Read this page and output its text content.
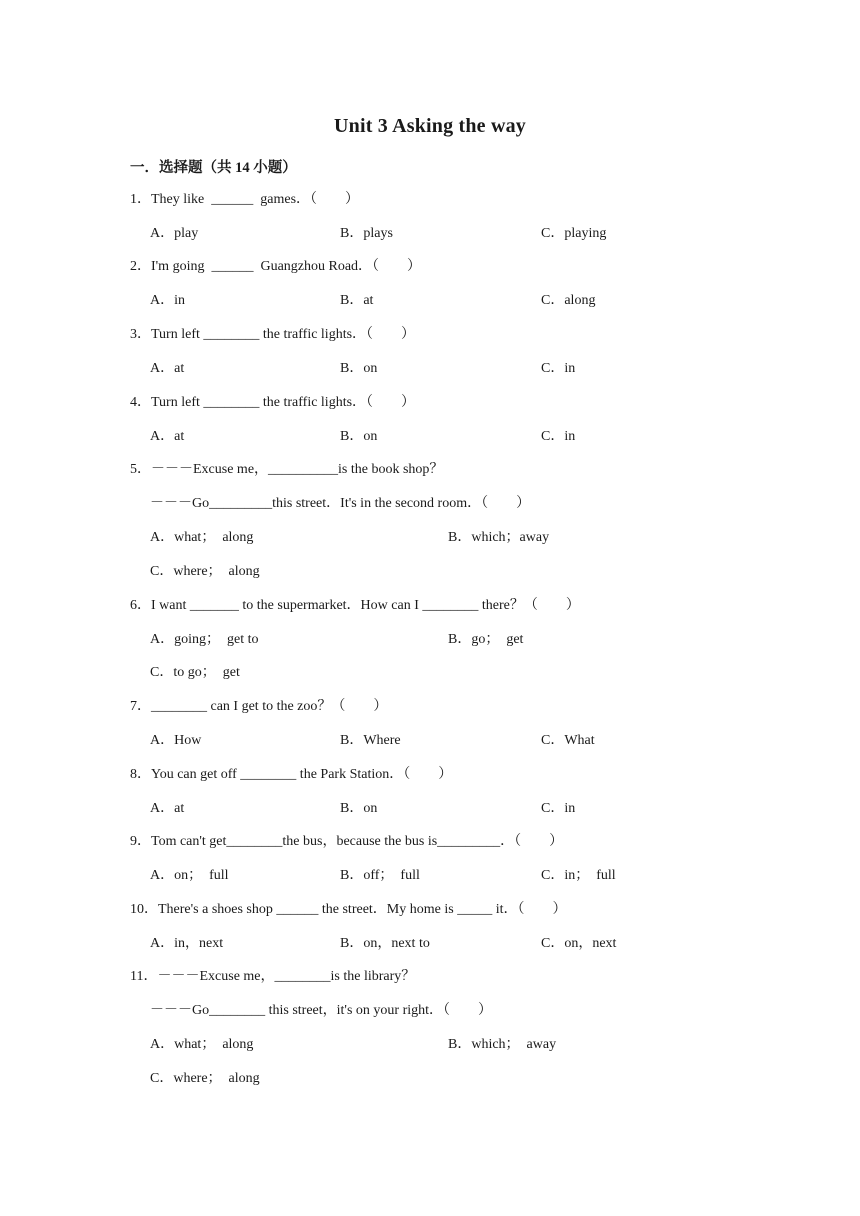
Unit 3 Asking the way
一．选择题（共 14 小题）
1．They like  ______  games．（　　）
A．play	B．plays	C．playing
2．I'm going  ______  Guangzhou Road．（　　）
A．in	B．at	C．along
3．Turn left ________ the traffic lights．（　　）
A．at	B．on	C．in
4．Turn left ________ the traffic lights．（　　）
A．at	B．on	C．in
5．－－－Excuse me，__________is the book shop？
－－－Go_________this street．It's in the second room．（　　）
A．what；  along	B．which；away
C．where；  along
6．I want _______ to the supermarket．How can I ________ there？（　　）
A．going；  get to	B．go；  get
C．to go；  get
7．________ can I get to the zoo？（　　）
A．How	B．Where	C．What
8．You can get off ________ the Park Station．（　　）
A．at	B．on	C．in
9．Tom can't get________the bus，because the bus is_________．（　　）
A．on；  full	B．off；  full	C．in；  full
10．There's a shoes shop ______ the street．My home is _____ it．（　　）
A．in，next	B．on，next to	C．on，next
11．－－－Excuse me，________is the library？
－－－Go________ this street，it's on your right．（　　）
A．what；  along	B．which；  away
C．where；  along
